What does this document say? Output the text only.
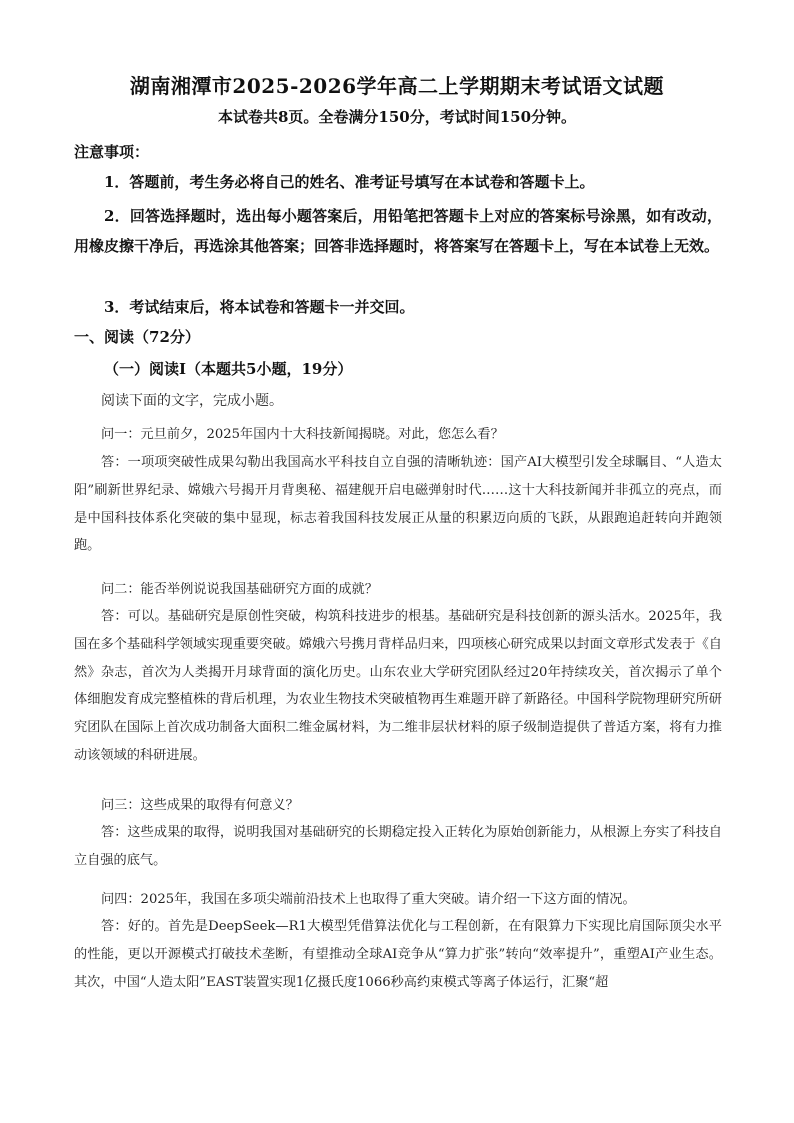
湖南湘潭市2025-2026学年高二上学期期末考试语文试题
本试卷共8页。全卷满分150分，考试时间150分钟。
注意事项：
1．答题前，考生务必将自己的姓名、准考证号填写在本试卷和答题卡上。
2．回答选择题时，选出每小题答案后，用铅笔把答题卡上对应的答案标号涂黑，如有改动，用橡皮擦干净后，再选涂其他答案；回答非选择题时，将答案写在答题卡上，写在本试卷上无效。
3．考试结束后，将本试卷和答题卡一并交回。
一、阅读（72分）
（一）阅读Ⅰ（本题共5小题，19分）
阅读下面的文字，完成小题。
问一：元旦前夕，2025年国内十大科技新闻揭晓。对此，您怎么看？
答：一项项突破性成果勾勒出我国高水平科技自立自强的清晰轨迹：国产AI大模型引发全球瞩目、“人造太阳”刷新世界纪录、嫦娥六号揭开月背奥秘、福建舰开启电磁弹射时代……这十大科技新闻并非孤立的亮点，而是中国科技体系化突破的集中显现，标志着我国科技发展正从量的积累迈向质的飞跃，从跟跑追赶转向并跑领跑。
问二：能否举例说说我国基础研究方面的成就？
答：可以。基础研究是原创性突破，构筑科技进步的根基。基础研究是科技创新的源头活水。2025年，我国在多个基础科学领域实现重要突破。嫦娥六号携月背样品归来，四项核心研究成果以封面文章形式发表于《自然》杂志，首次为人类揭开月球背面的演化历史。山东农业大学研究团队经过20年持续攻关，首次揭示了单个体细胞发育成完整植株的背后机理，为农业生物技术突破植物再生难题开辟了新路径。中国科学院物理研究所研究团队在国际上首次成功制备大面积二维金属材料，为二维非层状材料的原子级制造提供了普适方案，将有力推动该领域的科研进展。
问三：这些成果的取得有何意义？
答：这些成果的取得，说明我国对基础研究的长期稳定投入正转化为原始创新能力，从根源上夯实了科技自立自强的底气。
问四：2025年，我国在多项尖端前沿技术上也取得了重大突破。请介绍一下这方面的情况。
答：好的。首先是DeepSeek—R1大模型凭借算法优化与工程创新，在有限算力下实现比肩国际顶尖水平的性能，更以开源模式打破技术垄断，有望推动全球AI竞争从“算力扩张”转向“效率提升”，重塑AI产业生态。其次，中国“人造太阳”EAST装置实现1亿摄氏度1066秒高约束模式等离子体运行，汇聚“超
